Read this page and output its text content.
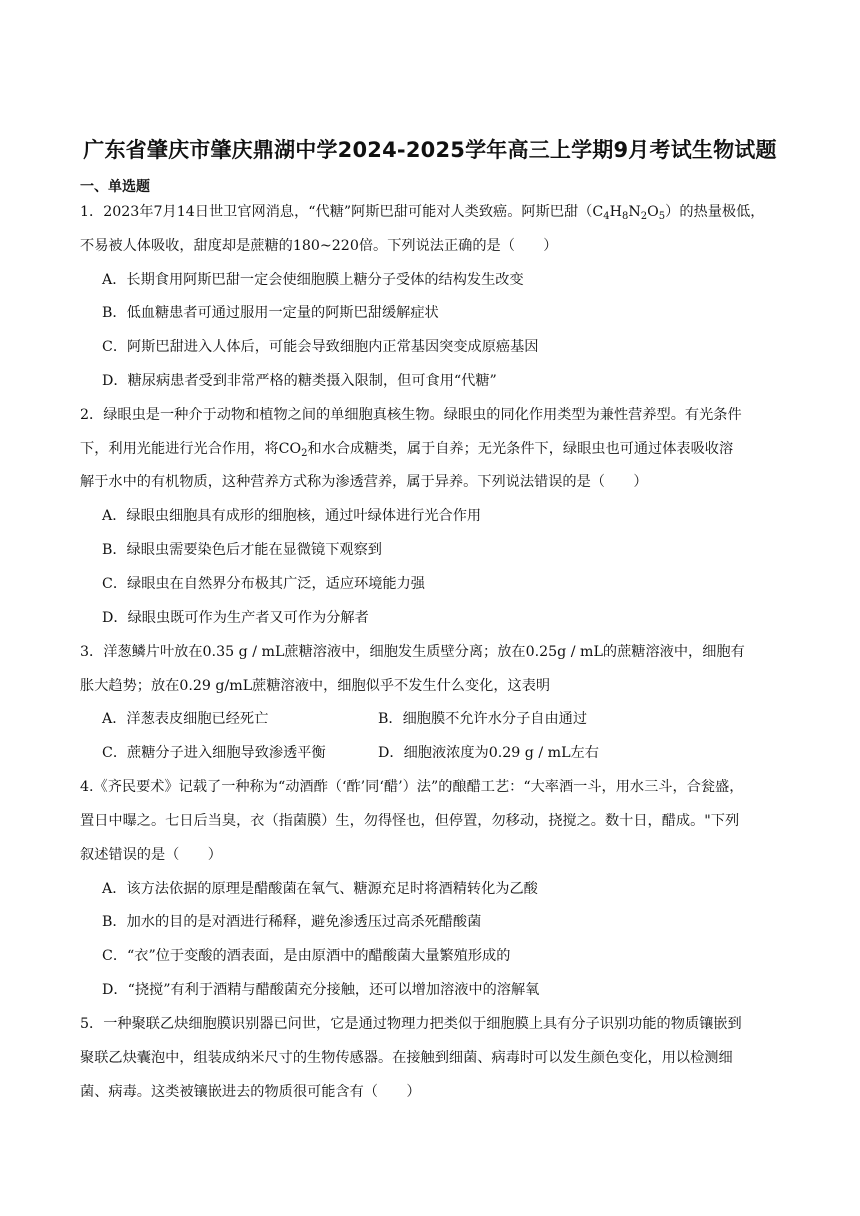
广东省肇庆市肇庆鼎湖中学2024-2025学年高三上学期9月考试生物试题
一、单选题
1．2023年7月14日世卫官网消息，“代糖”阿斯巴甜可能对人类致癌。阿斯巴甜$(C_4H_8N_2O_5)$的热量极低，
不易被人体吸收，甜度却是蔗糖的180~220倍。下列说法正确的是（　　）
A．长期食用阿斯巴甜一定会使细胞膜上糖分子受体的结构发生改变
B．低血糖患者可通过服用一定量的阿斯巴甜缓解症状
C．阿斯巴甜进入人体后，可能会导致细胞内正常基因突变成原癌基因
D．糖尿病患者受到非常严格的糖类摄入限制，但可食用“代糖”
2．绿眼虫是一种介于动物和植物之间的单细胞真核生物。绿眼虫的同化作用类型为兼性营养型。有光条件
下，利用光能进行光合作用，将$CO_2$和水合成糖类，属于自养；无光条件下，绿眼虫也可通过体表吸收溶
解于水中的有机物质，这种营养方式称为渗透营养，属于异养。下列说法错误的是（　　）
A．绿眼虫细胞具有成形的细胞核，通过叶绿体进行光合作用
B．绿眼虫需要染色后才能在显微镜下观察到
C．绿眼虫在自然界分布极其广泛，适应环境能力强
D．绿眼虫既可作为生产者又可作为分解者
3．洋葱鳞片叶放在0.35 g / mL蔗糖溶液中，细胞发生质壁分离；放在0.25g / mL的蔗糖溶液中，细胞有
胀大趋势；放在0.29 g/mL蔗糖溶液中，细胞似乎不发生什么变化，这表明
A．洋葱表皮细胞已经死亡	B．细胞膜不允许水分子自由通过
C．蔗糖分子进入细胞导致渗透平衡	D．细胞液浓度为0.29 g / mL左右
4.《齐民要术》记载了一种称为“动酒酢（‘酢’同‘醋’）法”的酿醋工艺：“大率酒一斗，用水三斗，合瓮盛，
置日中曝之。七日后当臭，衣（指菌膜）生，勿得怪也，但停置，勿移动，挠搅之。数十日，醋成。"下列
叙述错误的是（　　）
A．该方法依据的原理是醋酸菌在氧气、糖源充足时将酒精转化为乙酸
B．加水的目的是对酒进行稀释，避免渗透压过高杀死醋酸菌
C．“衣”位于变酸的酒表面，是由原酒中的醋酸菌大量繁殖形成的
D．“挠搅”有利于酒精与醋酸菌充分接触，还可以增加溶液中的溶解氧
5．一种聚联乙炔细胞膜识别器已问世，它是通过物理力把类似于细胞膜上具有分子识别功能的物质镶嵌到
聚联乙炔囊泡中，组装成纳米尺寸的生物传感器。在接触到细菌、病毒时可以发生颜色变化，用以检测细
菌、病毒。这类被镶嵌进去的物质很可能含有（　　）
